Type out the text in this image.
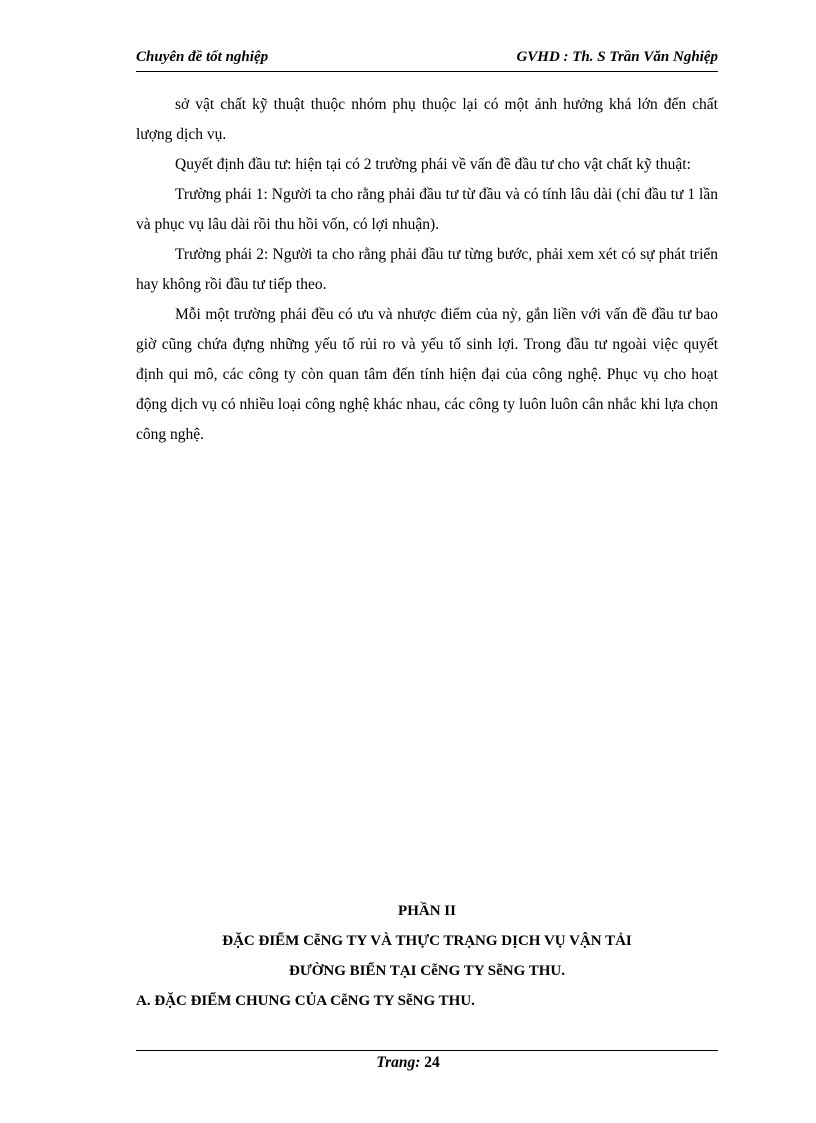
Chuyên đề tốt nghiệp	GVHD : Th. S Trần Văn Nghiệp

sở vật chất kỹ thuật thuộc nhóm phụ thuộc lại có một ảnh hưởng khá lớn đến chất lượng dịch vụ.

Quyết định đầu tư: hiện tại có 2 trường phái về vấn đề đầu tư cho vật chất kỹ thuật:

Trường phái 1: Người ta cho rằng phải đầu tư từ đầu và có tính lâu dài (chỉ đầu tư 1 lần và phục vụ lâu dài rồi thu hồi vốn, có lợi nhuận).

Trường phái 2: Người ta cho rằng phải đầu tư từng bước, phải xem xét có sự phát triển hay không rồi đầu tư tiếp theo.

Mỗi một trường phái đều có ưu và nhược điểm của nỳ, gắn liền với vấn đề đầu tư bao giờ cũng chứa đựng những yếu tố rủi ro và yếu tố sinh lợi. Trong đầu tư ngoài việc quyết định qui mô, các công ty còn quan tâm đến tính hiện đại của công nghệ. Phục vụ cho hoạt động dịch vụ có nhiều loại công nghệ khác nhau, các công ty luôn luôn cân nhắc khi lựa chọn công nghệ.

PHẦN II
ĐẶC ĐIỂM CễNG TY VÀ THỰC TRẠNG DỊCH VỤ VẬN TẢI
ĐƯỜNG BIỂN TẠI CễNG TY SễNG THU.
A. ĐẶC ĐIỂM CHUNG CỦA CễNG TY SễNG THU.
Trang: 24
